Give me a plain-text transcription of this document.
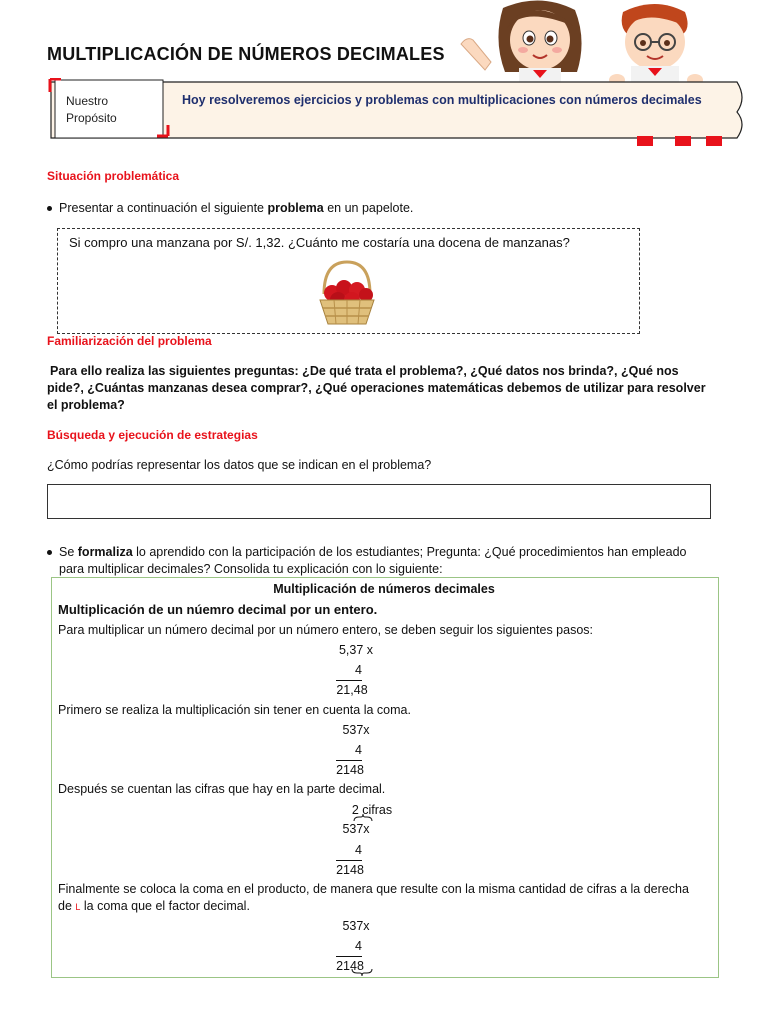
MULTIPLICACIÓN DE NÚMEROS DECIMALES
Nuestro
Propósito
Hoy resolveremos ejercicios y problemas con multiplicaciones con números decimales
Situación problemática
Presentar a continuación el siguiente problema en un papelote.
Si compro una manzana por S/. 1,32. ¿Cuánto me costaría una docena de manzanas?
Familiarización del problema
Para ello realiza las siguientes preguntas: ¿De qué trata el problema?, ¿Qué datos nos brinda?, ¿Qué nos pide?, ¿Cuántas manzanas desea comprar?, ¿Qué operaciones matemáticas debemos de utilizar para resolver el problema?
Búsqueda y ejecución de estrategias
¿Cómo podrías representar los datos que se indican en el problema?
Se formaliza lo aprendido con la participación de los estudiantes; Pregunta: ¿Qué procedimientos han empleado
para multiplicar decimales? Consolida tu explicación con lo siguiente:
Multiplicación de números decimales
Multiplicación de un núemro decimal por un entero.
Para multiplicar un número decimal por un número entero, se deben seguir los siguientes pasos:
5,37 x
4
21,48
Primero se realiza la multiplicación sin tener en cuenta la coma.
537x
4
2148
Después se cuentan las cifras que hay en la parte decimal.
2 cifras
537x
4
2148
Finalmente se coloca la coma en el producto, de manera que resulte con la misma cantidad de cifras a la derecha
de L la coma que el factor decimal.
537x
4
2148
